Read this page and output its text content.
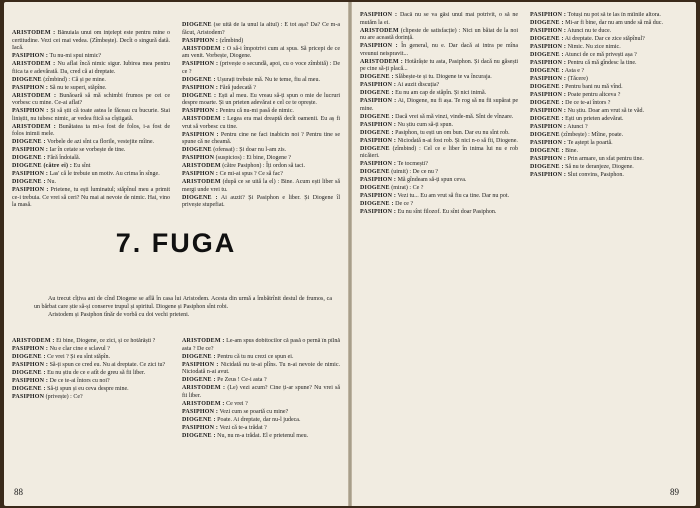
ARISTODEM : Bănuiala unui om ințelept este pentru mine o certitudine. Vezi cei mai vedea. (Zîmbește). Decît o singură dată. Iacă.

PASIPHON : Tu nu-mi spui nimic?

ARISTODEM : Nu aflai încă nimic sigur. Iubirea mea pentru fiica ta e adevărată. Da, cred că ai dreptate.

DIOGENE (zîmbind) : Că și pe mine.

PASIPHON : Să nu te superi, stăpîne.

ARISTODEM : Bunăoară să mă schimbi frumos pe cei ce vorbesc cu mine. Ce-ai aflat?

PASIPHON : Și să știi că toate astea le făceau cu bucurie. Stai liniștit, nu iubesc nimic, ar vedea fiică sa cîștigată.

ARISTODEM : Bunătatea ta mi-a fost de folos, i-a fost de folos inimii mele.

DIOGENE : Vorbele de azi sînt ca florile, vestejite mîine.

PASIPHON : Iar în cetate se vorbește de tine.

DIOGENE : Fără îndoială.

DIOGENE (către ei) : Eu sînt

PASIPHON : Las' că le trebuie un motiv. Au crima în sînge.

DIOGENE : Nu.

PASIPHON : Prietene, tu ești luminatul; stăpînul meu a primit ce-i trebuia. Ce vrei să ceri? Nu mai ai nevoie de nimic. Hai, vino la masă.

DIOGENE (se uită de la unul la altul) : E tot așa? Da? Ce m-a făcut, Aristodem?

PASIPHON : (zîmbind)

ARISTODEM : O să-i împotrivi cum ai spus. Să pricepi de ce am venit. Vorbește, Diogene.

PASIPHON : (privește o secundă, apoi, cu o voce zîmbită) : De ce ?

DIOGENE : Ușurați trebuie mă. Nu te teme, fiu al meu.

PASIPHON : Fără judecată ?

DIOGENE : Ești al meu. Eu vreau să-ți spun o mie de lucruri despre moarte. Și un prieten adevărat e cel ce te oprește.

PASIPHON : Pentru că nu-mi pasă de nimic.

ARISTODEM : Legea era mai dreaptă decît oamenii. Eu aș fi vrut să vorbesc cu tine.

PASIPHON : Pentru cine ne faci inabicin noi ? Pentru tine se spune că ne cheamă.

DIOGENE (ofensat) : Și doar nu l-am zis.

PASIPHON (suspicios) : Ei bine, Diogene ?

ARISTODEM (către Pasiphon) : Îți ordon să taci.

PASIPHON : Ce mi-ai spus ? Ce să fac?

ARISTODEM (după ce se uită la el) : Bine. Acum ești liber să mergi unde vrei tu.

DIOGENE : Ai auzit? Și Pasiphon e liber. Și Diogene îl privește stupefiat.

7. FUGA

Au trecut cîțiva ani de cînd Diogene se află în casa lui Aristodem. Acesta din urmă a îmbătrînit destul de frumos, ca un bărbat care știe să-și conserve trupul și spiritul. Diogene și Pasiphon sînt robi.

Aristodem și Pasiphon tînăr de vorbă cu doi vechi prieteni.

ARISTODEM : Ei bine, Diogene, ce zici, și ce hotărăști ?

PASIPHON : Nu e clar cine e sclavul ?

DIOGENE : Ce vrei ? Și eu sînt stăpîn.

PASIPHON : Să-ți spun ce cred eu. Nu ai dreptate. Ce zici tu?

DIOGENE : Eu nu știu de ce e atît de greu să fii liber.

PASIPHON : De ce te-ai întors cu noi?

DIOGENE : Să-ți spun și eu ceva despre mine.

PASIPHON (privește) : Ce?

ARISTODEM : Le-am spus dobitocilor că pasă o pernă în pîlnă asta ? De ce?

DIOGENE : Pentru că tu nu crezi ce spun ei.

PASIPHON : Nicidată nu te-ai plîns. Tu n-ai nevoie de nimic. Niciodată n-ai avut.

DIOGENE : Pe Zeus ! Ce-i asta ?

ARISTODEM : (Le) vezi acum? Cine ți-ar spune? Nu vrei să fii liber.

ARISTODEM : Ce vrei ?

PASIPHON : Vezi cum se poartă cu mine?

DIOGENE : Poate. Ai dreptate, dar nu-l judeca.

PASIPHON : Vezi că te-a trădat ?

DIOGENE : Nu, nu m-a trădat. El e prietenul meu.

88

PASIPHON : Dacă nu se va găsi unul mai potrivit, o să ne mutăm la ei.

ARISTODEM (clipeste de satisfacție) : Nici un băiat de la noi nu are această dorință.

PASIPHON : În general, nu e. Dar dacă ai intra pe mîna vreunui neispravit...

ARISTODEM : Hotărăște tu asta, Pasiphon. Și dacă nu găsești pe cine să-ți placă...

DIOGENE : Slăbește-te și tu. Diogene te va încuraja.

PASIPHON : Ai auzit discuția?

DIOGENE : Eu nu am cap de stăpîn. Și nici inimă.

PASIPHON : Ai, Diogene, nu fi așa. Te rog să nu fii supărat pe mine.

DIOGENE : Dacă vrei să mă vinzi, vinde-mă. Sînt de vînzare.

PASIPHON : Nu știu cum să-ți spun.

DIOGENE : Pasiphon, tu ești un om bun. Dar eu nu sînt rob.

PASIPHON : Niciodată n-ai fost rob. Și nici n-o să fii, Diogene.

DIOGENE (zîmbind) : Cel ce e liber în inima lui nu e rob nicăieri.

PASIPHON : Te tocmești?

DIOGENE (uimit) : De ce nu ?

PASIPHON : Mă gîndeam să-ți spun ceva.

DIOGENE (mirat) : Ce ?

PASIPHON : Vezi tu... Eu am vrut să fiu ca tine. Dar nu pot.

DIOGENE : De ce ?

PASIPHON : Eu nu sînt filozof. Eu sînt doar Pasiphon.

PASIPHON : Totuși nu pot să te las în mîinile altora.

DIOGENE : Mi-ar fi bine, dar nu am unde să mă duc.

PASIPHON : Atunci nu te duce.

DIOGENE : Ai dreptate. Dar ce zice stăpînul?

PASIPHON : Nimic. Nu zice nimic.

DIOGENE : Atunci de ce mă privești așa ?

PASIPHON : Pentru că mă gîndesc la tine.

DIOGENE : Asta e ?

PASIPHON : (Tăcere)

DIOGENE : Pentru bani nu mă vînd.

PASIPHON : Poate pentru altceva ?

DIOGENE : De ce te-ai întors ?

PASIPHON : Nu știu. Doar am vrut să te văd.

DIOGENE : Ești un prieten adevărat.

PASIPHON : Atunci ?

DIOGENE (zîmbește) : Mîine, poate.

PASIPHON : Te aștept la poartă.

DIOGENE : Bine.

PASIPHON : Prin armare, un sfat pentru tine.

DIOGENE : Să nu te deranjeze, Diogene.

PASIPHON : Slut convins, Pasiphon.

89
